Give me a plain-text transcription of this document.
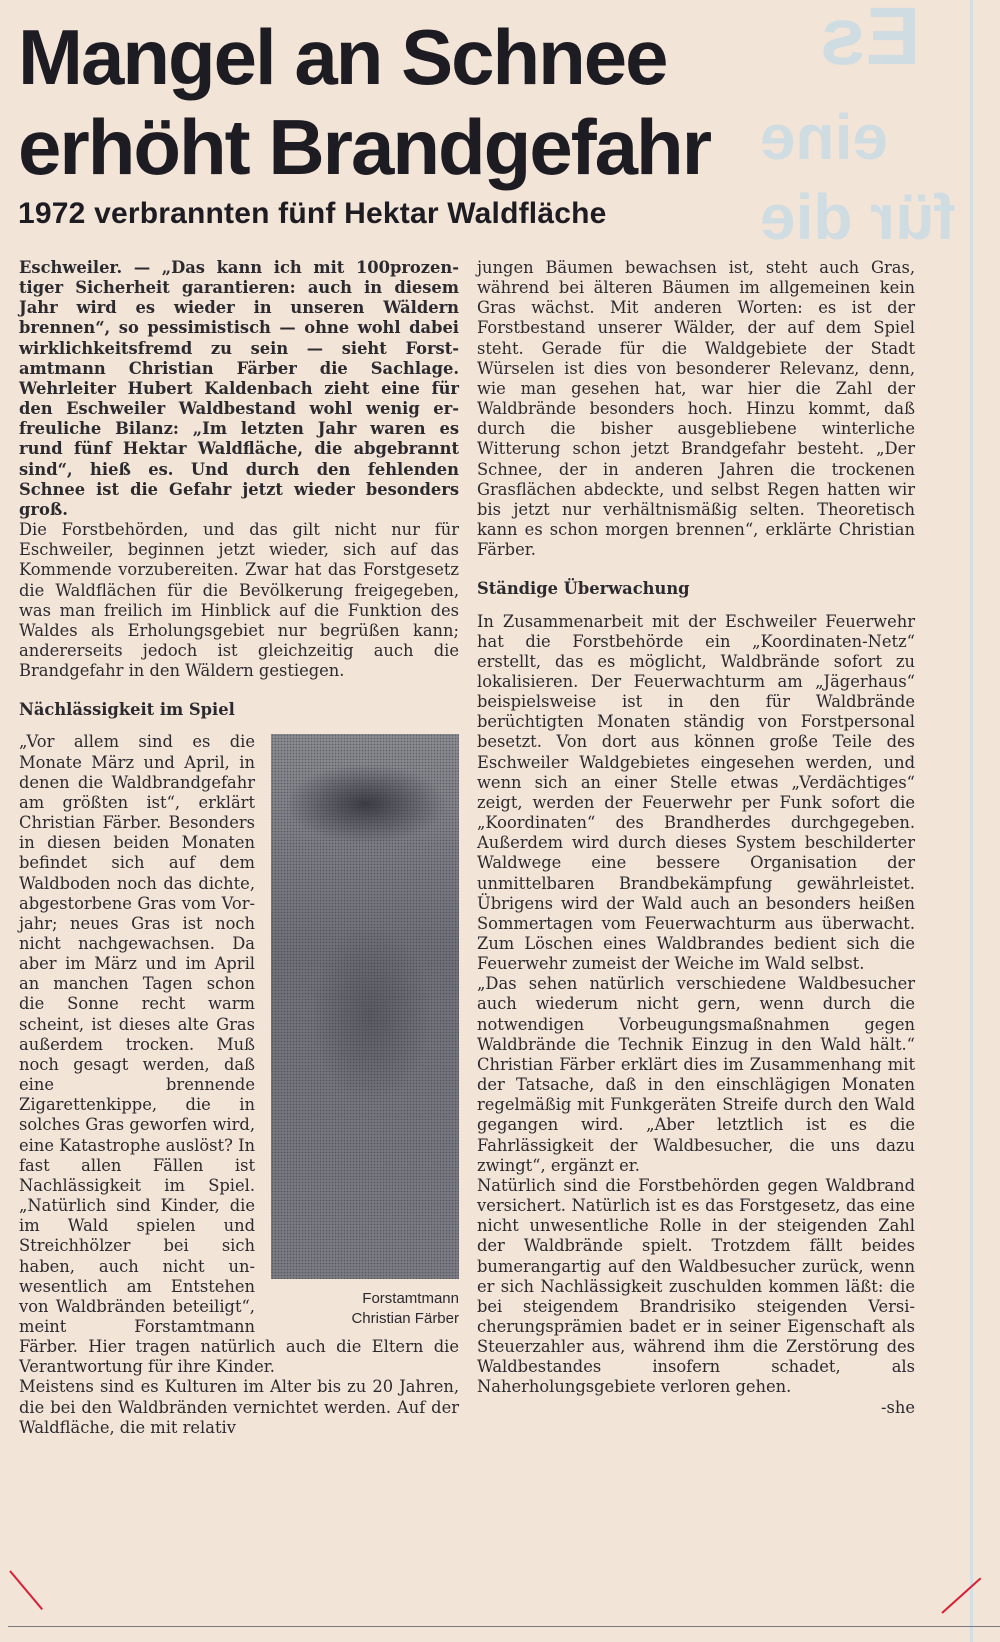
Es
eine
für die
Mangel an Schnee
erhöht Brandgefahr
1972 verbrannten fünf Hektar Waldfläche

Eschweiler. — „Das kann ich mit 100prozentiger Sicherheit garantieren: auch in diesem Jahr wird es wieder in unseren Wäldern brennen“, so pessimistisch — ohne wohl dabei wirklichkeitsfremd zu sein — sieht Forstamtmann Christian Färber die Sachlage. Wehrleiter Hubert Kaldenbach zieht eine für den Eschweiler Waldbestand wohl wenig erfreuliche Bilanz: „Im letzten Jahr waren es rund fünf Hektar Waldfläche, die abgebrannt sind“, hieß es. Und durch den fehlenden Schnee ist die Gefahr jetzt wieder besonders groß.

Die Forstbehörden, und das gilt nicht nur für Eschweiler, beginnen jetzt wieder, sich auf das Kommende vorzubereiten. Zwar hat das Forstgesetz die Waldflächen für die Bevölkerung freigegeben, was man freilich im Hinblick auf die Funktion des Waldes als Erholungsgebiet nur begrüßen kann; andererseits jedoch ist gleichzeitig auch die Brandgefahr in den Wäldern gestiegen.

Nächlässigkeit im Spiel

Forstamtmann
Christian Färber
„Vor allem sind es die Monate März und April, in denen die Waldbrandgefahr am größten ist“, erklärt Christian Färber. Besonders in diesen beiden Monaten befindet sich auf dem Waldboden noch das dichte, abgestorbene Gras vom Vorjahr; neues Gras ist noch nicht nachgewachsen. Da aber im März und im April an manchen Tagen schon die Sonne recht warm scheint, ist dieses alte Gras außerdem trocken. Muß noch gesagt werden, daß eine brennende Zigarettenkippe, die in solches Gras geworfen wird, eine Katastrophe auslöst? In fast allen Fällen ist Nachlässigkeit im Spiel. „Natürlich sind Kinder, die im Wald spielen und Streichhölzer bei sich haben, auch nicht unwesentlich am Entstehen von Waldbränden beteiligt“, meint Forstamtmann Färber. Hier tragen natürlich auch die Eltern die Verantwortung für ihre Kinder.

Meistens sind es Kulturen im Alter bis zu 20 Jahren, die bei den Waldbränden vernichtet werden. Auf der Waldfläche, die mit relativ

jungen Bäumen bewachsen ist, steht auch Gras, während bei älteren Bäumen im allgemeinen kein Gras wächst. Mit anderen Worten: es ist der Forstbestand unserer Wälder, der auf dem Spiel steht. Gerade für die Waldgebiete der Stadt Würselen ist dies von besonderer Relevanz, denn, wie man gesehen hat, war hier die Zahl der Waldbrände besonders hoch. Hinzu kommt, daß durch die bisher ausgebliebene winterliche Witterung schon jetzt Brandgefahr besteht. „Der Schnee, der in anderen Jahren die trockenen Grasflächen abdeckte, und selbst Regen hatten wir bis jetzt nur verhältnismäßig selten. Theoretisch kann es schon morgen brennen“, erklärte Christian Färber.

Ständige Überwachung

In Zusammenarbeit mit der Eschweiler Feuerwehr hat die Forstbehörde ein „Koordinaten-Netz“ erstellt, das es möglicht, Waldbrände sofort zu lokalisieren. Der Feuerwachturm am „Jägerhaus“ beispielsweise ist in den für Waldbrände berüchtigten Monaten ständig von Forstpersonal besetzt. Von dort aus können große Teile des Eschweiler Waldgebietes eingesehen werden, und wenn sich an einer Stelle etwas „Verdächtiges“ zeigt, werden der Feuerwehr per Funk sofort die „Koordinaten“ des Brandherdes durchgegeben. Außerdem wird durch dieses System beschilderter Waldwege eine bessere Organisation der unmittelbaren Brandbekämpfung gewährleistet. Übrigens wird der Wald auch an besonders heißen Sommertagen vom Feuerwachturm aus überwacht. Zum Löschen eines Waldbrandes bedient sich die Feuerwehr zumeist der Weiche im Wald selbst.

„Das sehen natürlich verschiedene Waldbesucher auch wiederum nicht gern, wenn durch die notwendigen Vorbeugungsmaßnahmen gegen Waldbrände die Technik Einzug in den Wald hält.“ Christian Färber erklärt dies im Zusammenhang mit der Tatsache, daß in den einschlägigen Monaten regelmäßig mit Funkgeräten Streife durch den Wald gegangen wird. „Aber letztlich ist es die Fahrlässigkeit der Waldbesucher, die uns dazu zwingt“, ergänzt er.

Natürlich sind die Forstbehörden gegen Waldbrand versichert. Natürlich ist es das Forstgesetz, das eine nicht unwesentliche Rolle in der steigenden Zahl der Waldbrände spielt. Trotzdem fällt beides bumerangartig auf den Waldbesucher zurück, wenn er sich Nachlässigkeit zuschulden kommen läßt: die bei steigendem Brandrisiko steigenden Versicherungsprämien badet er in seiner Eigenschaft als Steuerzahler aus, während ihm die Zerstörung des Waldbestandes insofern schadet, als Naherholungsgebiete verloren gehen.

-she
